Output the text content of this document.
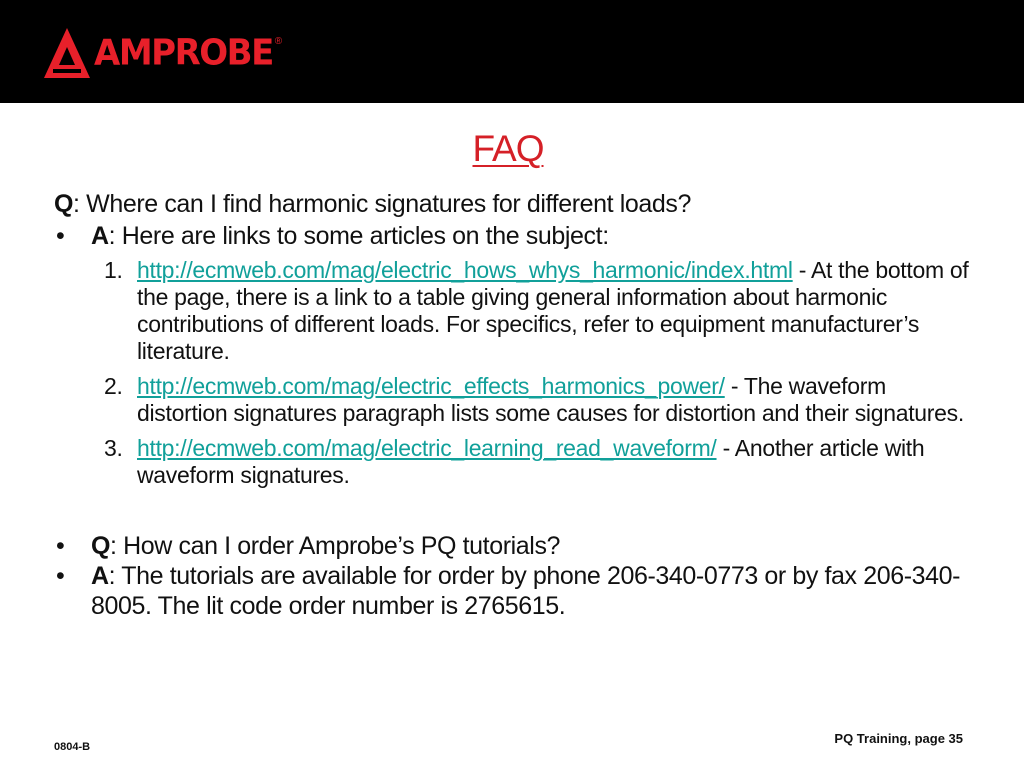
AMPROBE ®
FAQ
Q: Where can I find harmonic signatures for different loads?
• A: Here are links to some articles on the subject:
1. http://ecmweb.com/mag/electric_hows_whys_harmonic/index.html - At the bottom of the page, there is a link to a table giving general information about harmonic contributions of different loads. For specifics, refer to equipment manufacturer’s literature.
2. http://ecmweb.com/mag/electric_effects_harmonics_power/ - The waveform distortion signatures paragraph lists some causes for distortion and their signatures.
3. http://ecmweb.com/mag/electric_learning_read_waveform/ - Another article with waveform signatures.
• Q: How can I order Amprobe’s PQ tutorials?
• A: The tutorials are available for order by phone 206-340-0773 or by fax 206-340-8005. The lit code order number is 2765615.
0804-B
PQ Training, page 35
